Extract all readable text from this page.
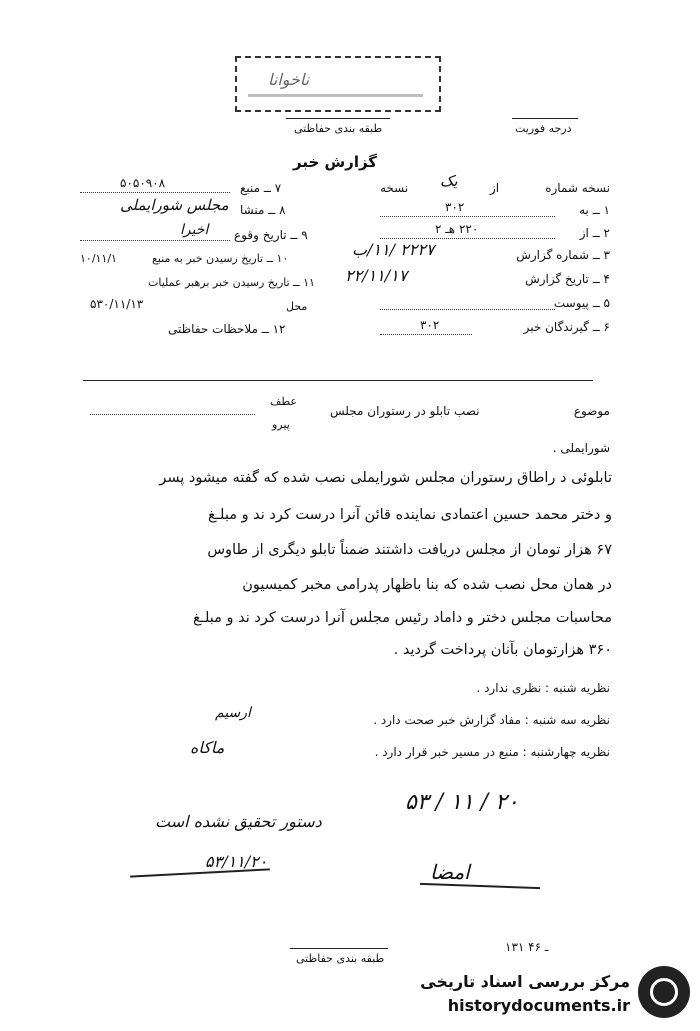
ناخوانا
طبقه بندی حفاظتی	درجه فوریت
گزارش خبر
نسخه شماره
یک	از
نسخه
۱ ــ به
۳۰۲
۲ ــ از
۲۲۰ هـ ۲
۳ ــ شماره گزارش
۲۲۲۷ /۱۱/ب
۴ ــ تاریخ گزارش
۲۲/۱۱/۱۷
۵ ــ پیوست
۶ ــ گیرندگان خبر
۳۰۲
۷ ــ منبع
۵۰۵۰۹۰۸
۸ ــ منشا
مجلس شورایملی
۹ ــ تاریخ وقوع
اخیرا
۱۰ ــ تاریخ رسیدن خبر به منبع
۱۰/۱۱/۱
۱۱ ــ تاریخ رسیدن خبر برهبر عملیات
محل
۵۳۰/۱۱/۱۳
۱۲ ــ ملاحظات حفاظتی
عطف
پیرو
موضوع
نصب تابلو در رستوران مجلس
شورایملی .
تابلوئی د راطاق رستوران مجلس شورایملی نصب شده که گفته میشود پسر
و دختر محمد حسین اعتمادی نماینده قائن آنرا درست کرد ند و مبلـغ
۶۷ هزار تومان از مجلس دریافت داشتند ضمناً تابلو دیگری از طاوس
در همان محل نصب شده که بنا باظهار پدرامی مخبر کمیسیون
محاسبات مجلس دختر و داماد رئیس مجلس آنرا درست کرد ند و مبلـغ
۳۶۰ هزارتومان بآنان پرداخت گردید .
نظریه شنبه : نظری ندارد .
نظریه سه شنبه : مفاد گزارش خبر صحت دارد .
ارسیم
نظریه چهارشنبه : منبع در مسیر خبر قرار دارد .
ماکاه
۵۳ / ۱۱ / ۲۰
دستور تحقیق نشده است
۵۳/۱۱/۲۰	امضا
۱۳۱ ـ ۴۶
طبقه بندی حفاظتی
مرکز بررسی اسناد تاریخی
historydocuments.ir
